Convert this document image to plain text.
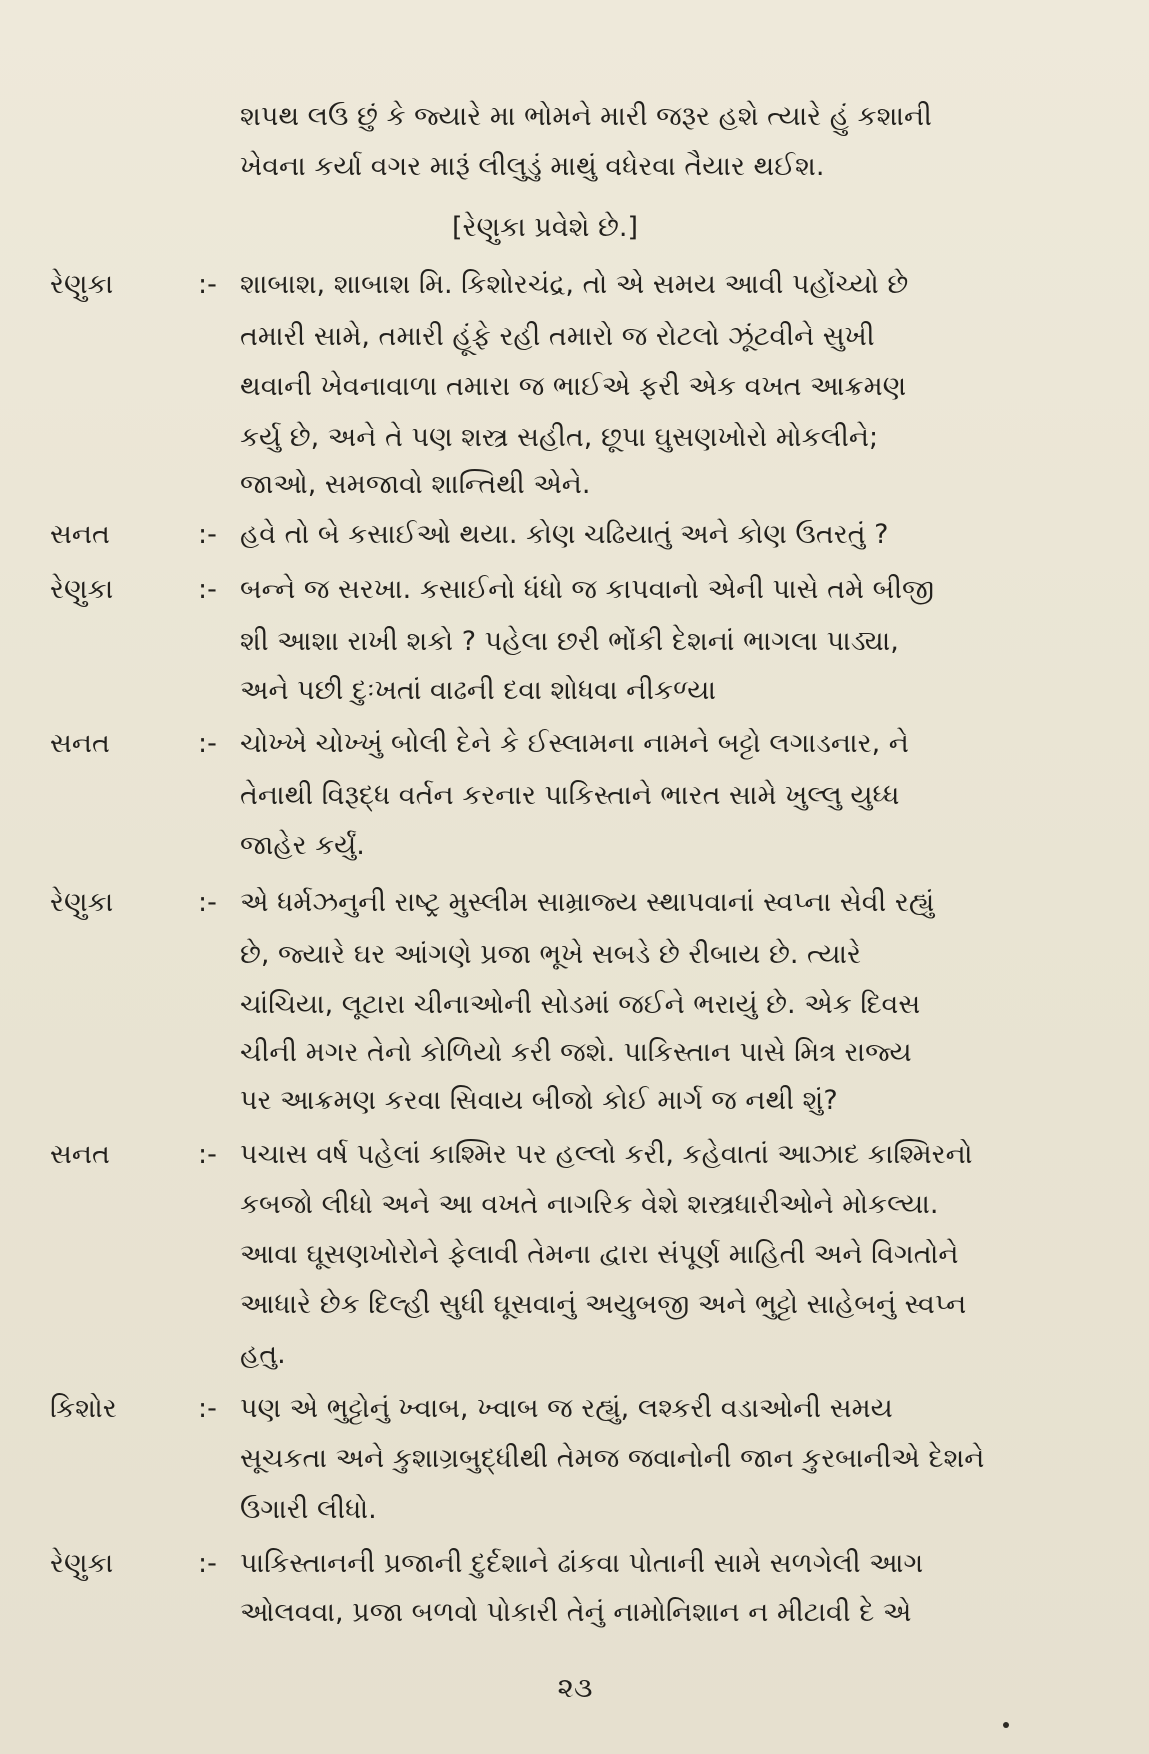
શપથ લઉ છું કે જ્યારે મા ભોમને મારી જરૂર હશે ત્યારે હું કશાની
ખેવના કર્યા વગર મારૂં લીલુડું માથું વધેરવા તૈયાર થઈશ.
[રેણુકા પ્રવેશે છે.]
રેણુકા	:- શાબાશ, શાબાશ મિ. કિશોરચંદ્ર, તો એ સમય આવી પહોંચ્યો છે
તમારી સામે, તમારી હૂંફે રહી તમારો જ રોટલો ઝૂંટવીને સુખી
થવાની ખેવનાવાળા તમારા જ ભાઈએ ફરી એક વખત આક્રમણ
કર્યુ છે, અને તે પણ શસ્ત્ર સહીત, છૂપા ઘુસણખોરો મોકલીને;
જાઓ, સમજાવો શાન્તિથી એને.
સનત	:- હવે તો બે કસાઈઓ થયા. કોણ ચઢિયાતું અને કોણ ઉતરતું ?
રેણુકા	:- બન્ને જ સરખા. કસાઈનો ધંધો જ કાપવાનો એની પાસે તમે બીજી
શી આશા રાખી શકો ? પહેલા છરી ભોંકી દેશનાં ભાગલા પાડ્યા,
અને પછી દુઃખતાં વાઢની દવા શોધવા નીકળ્યા
સનત	:- ચોખ્ખે ચોખ્ખું બોલી દેને કે ઈસ્લામના નામને બટ્ટો લગાડનાર, ને
તેનાથી વિરૂદ્ધ વર્તન કરનાર પાકિસ્તાને ભારત સામે ખુલ્લુ યુધ્ધ
જાહેર કર્યું.
રેણુકા	:- એ ધર્મઝનુની રાષ્ટ્ર મુસ્લીમ સામ્રાજ્ય સ્થાપવાનાં સ્વપ્ના સેવી રહ્યું
છે, જ્યારે ઘર આંગણે પ્રજા ભૂખે સબડે છે રીબાય છે. ત્યારે
ચાંચિયા, લૂટારા ચીનાઓની સોડમાં જઈને ભરાયું છે. એક દિવસ
ચીની મગર તેનો કોળિયો કરી જશે. પાકિસ્તાન પાસે મિત્ર રાજ્ય
પર આક્રમણ કરવા સિવાય બીજો કોઈ માર્ગ જ નથી શું?
સનત	:- પચાસ વર્ષ પહેલાં કાશ્મિર પર હલ્લો કરી, કહેવાતાં આઝાદ કાશ્મિરનો
કબજો લીધો અને આ વખતે નાગરિક વેશે શસ્ત્રધારીઓને મોકલ્યા.
આવા ઘૂસણખોરોને ફેલાવી તેમના દ્વારા સંપૂર્ણ માહિતી અને વિગતોને
આધારે છેક દિલ્હી સુધી ઘૂસવાનું અયુબજી અને ભુટ્ટો સાહેબનું સ્વપ્ન
હતુ.
કિશોર	:- પણ એ ભુટ્ટોનું ખ્વાબ, ખ્વાબ જ રહ્યું, લશ્કરી વડાઓની સમય
સૂચકતા અને કુશાગ્રબુદ્ધીથી તેમજ જવાનોની જાન કુરબાનીએ દેશને
ઉગારી લીધો.
રેણુકા	:- પાકિસ્તાનની પ્રજાની દુર્દશાને ઢાંકવા પોતાની સામે સળગેલી આગ
ઓલવવા, પ્રજા બળવો પોકારી તેનું નામોનિશાન ન મીટાવી દે એ
૨૩
